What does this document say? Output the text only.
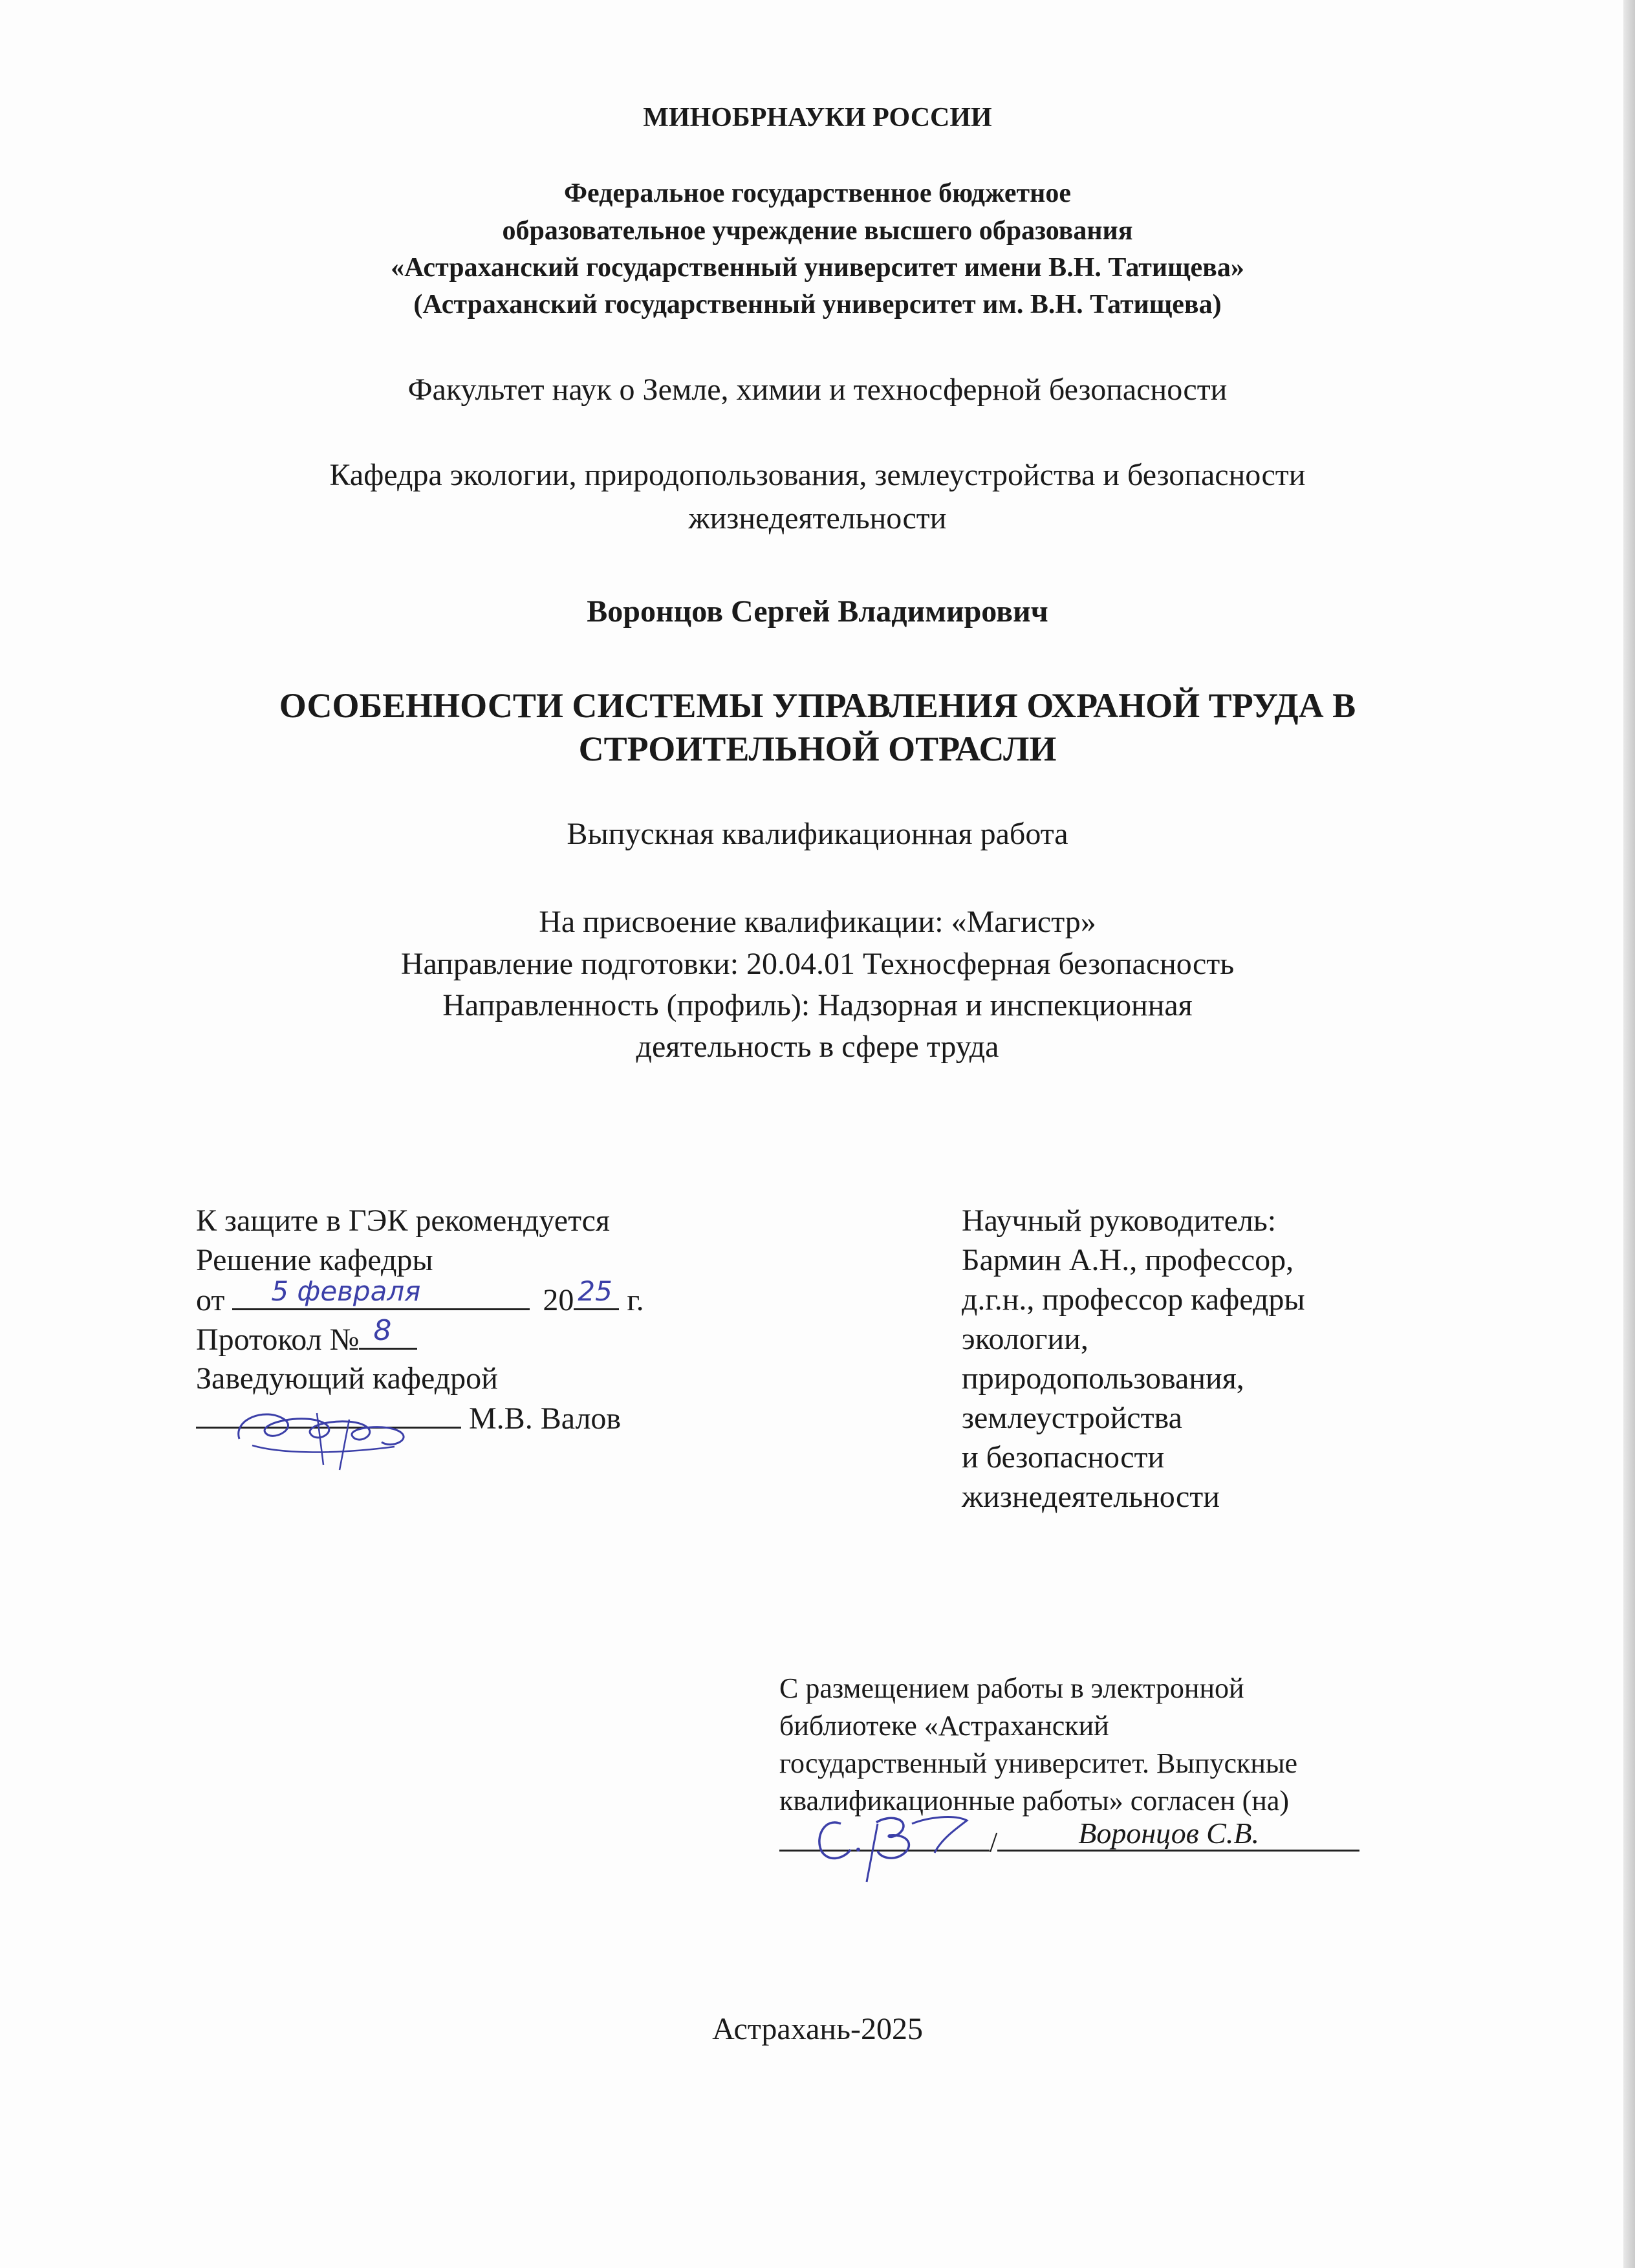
МИНОБРНАУКИ РОССИИ
Федеральное государственное бюджетное
образовательное учреждение высшего образования
«Астраханский государственный университет имени В.Н. Татищева»
(Астраханский государственный университет им. В.Н. Татищева)
Факультет наук о Земле, химии и техносферной безопасности
Кафедра экологии, природопользования, землеустройства и безопасности
жизнедеятельности
Воронцов Сергей Владимирович
ОСОБЕННОСТИ СИСТЕМЫ УПРАВЛЕНИЯ ОХРАНОЙ ТРУДА В
СТРОИТЕЛЬНОЙ ОТРАСЛИ
Выпускная квалификационная работа
На присвоение квалификации: «Магистр»
Направление подготовки: 20.04.01 Техносферная безопасность
Направленность (профиль): Надзорная и инспекционная
деятельность в сфере труда
К защите в ГЭК рекомендуется
Решение кафедры
от 5 февраля	20 25 г.
Протокол № 8
Заведующий кафедрой
М.В. Валов
Научный руководитель:
Бармин А.Н., профессор,
д.г.н., профессор кафедры
экологии,
природопользования,
землеустройства
и безопасности
жизнедеятельности
С размещением работы в электронной
библиотеке «Астраханский
государственный университет. Выпускные
квалификационные работы» согласен (на)
/	Воронцов С.В.
Астрахань-2025
